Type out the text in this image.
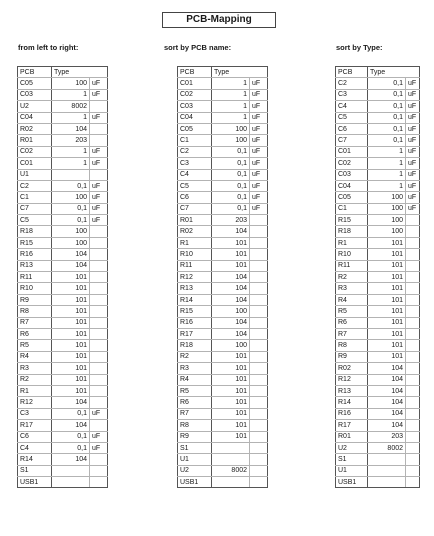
PCB-Mapping
from left to right:	sort by PCB name:	sort by Type:
PCB	Type	
C05	100	uF
C03	1	uF
U2	8002	
C04	1	uF
R02	104	
R01	203	
C02	1	uF
C01	1	uF
U1		
C2	0,1	uF
C1	100	uF
C7	0,1	uF
C5	0,1	uF
R18	100	
R15	100	
R16	104	
R13	104	
R11	101	
R10	101	
R9	101	
R8	101	
R7	101	
R6	101	
R5	101	
R4	101	
R3	101	
R2	101	
R1	101	
R12	104	
C3	0,1	uF
R17	104	
C6	0,1	uF
C4	0,1	uF
R14	104	
S1		
USB1		
PCB	Type	
C01	1	uF
C02	1	uF
C03	1	uF
C04	1	uF
C05	100	uF
C1	100	uF
C2	0,1	uF
C3	0,1	uF
C4	0,1	uF
C5	0,1	uF
C6	0,1	uF
C7	0,1	uF
R01	203	
R02	104	
R1	101	
R10	101	
R11	101	
R12	104	
R13	104	
R14	104	
R15	100	
R16	104	
R17	104	
R18	100	
R2	101	
R3	101	
R4	101	
R5	101	
R6	101	
R7	101	
R8	101	
R9	101	
S1		
U1		
U2	8002	
USB1		
PCB	Type	
C2	0,1	uF
C3	0,1	uF
C4	0,1	uF
C5	0,1	uF
C6	0,1	uF
C7	0,1	uF
C01	1	uF
C02	1	uF
C03	1	uF
C04	1	uF
C05	100	uF
C1	100	uF
R15	100	
R18	100	
R1	101	
R10	101	
R11	101	
R2	101	
R3	101	
R4	101	
R5	101	
R6	101	
R7	101	
R8	101	
R9	101	
R02	104	
R12	104	
R13	104	
R14	104	
R16	104	
R17	104	
R01	203	
U2	8002	
S1		
U1		
USB1		
